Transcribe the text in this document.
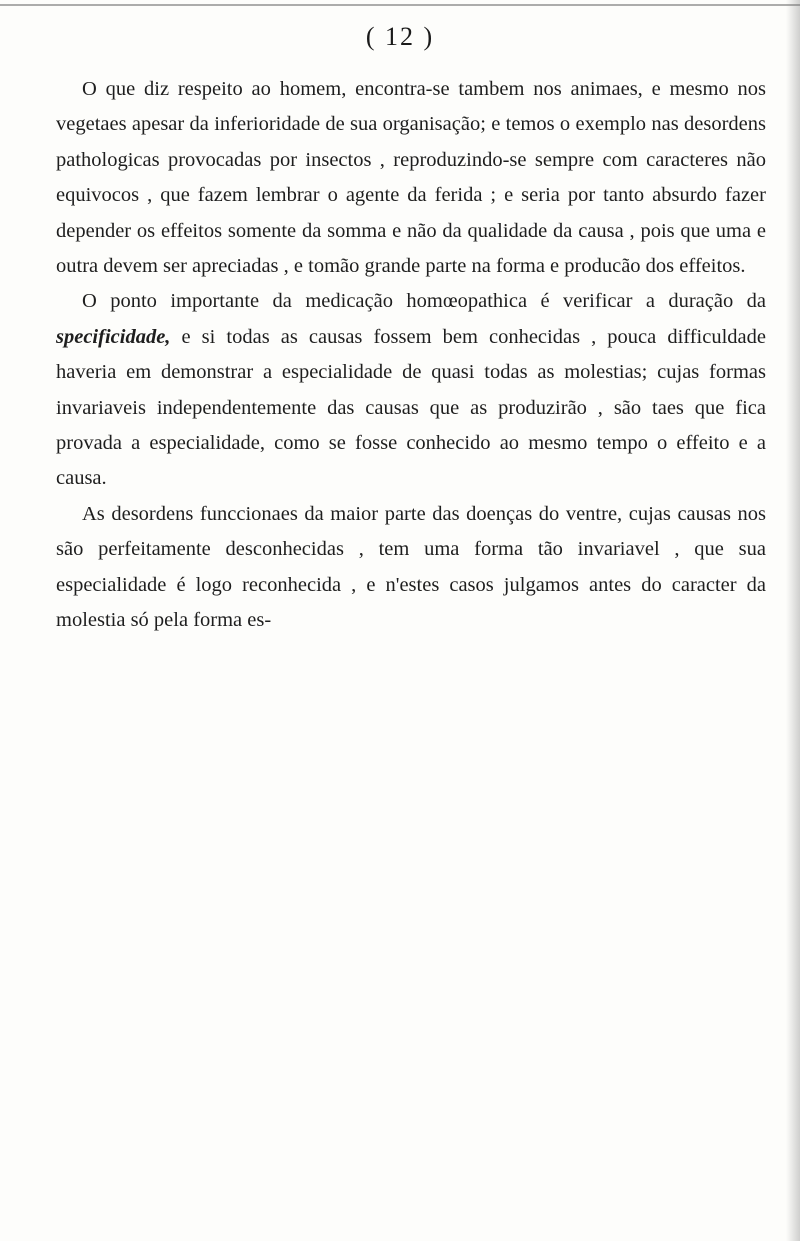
( 12 )

O que diz respeito ao homem, encontra-se tambem nos animaes, e mesmo nos vegetaes apesar da inferioridade de sua organisação; e temos o exemplo nas desordens pathologicas provocadas por insectos , reproduzindo-se sempre com caracteres não equivocos , que fazem lembrar o agente da ferida ; e seria por tanto absurdo fazer depender os effeitos somente da somma e não da qualidade da causa , pois que uma e outra devem ser apreciadas , e tomão grande parte na forma e producão dos effeitos.

O ponto importante da medicação homœopathica é verificar a duração da specificidade, e si todas as causas fossem bem conhecidas , pouca difficuldade haveria em demonstrar a especialidade de quasi todas as molestias; cujas formas invariaveis independentemente das causas que as produzirão , são taes que fica provada a especialidade, como se fosse conhecido ao mesmo tempo o effeito e a causa.

As desordens funccionaes da maior parte das doenças do ventre, cujas causas nos são perfeitamente desconhecidas , tem uma forma tão invariavel , que sua especialidade é logo reconhecida , e n'estes casos julgamos antes do caracter da molestia só pela forma es-
